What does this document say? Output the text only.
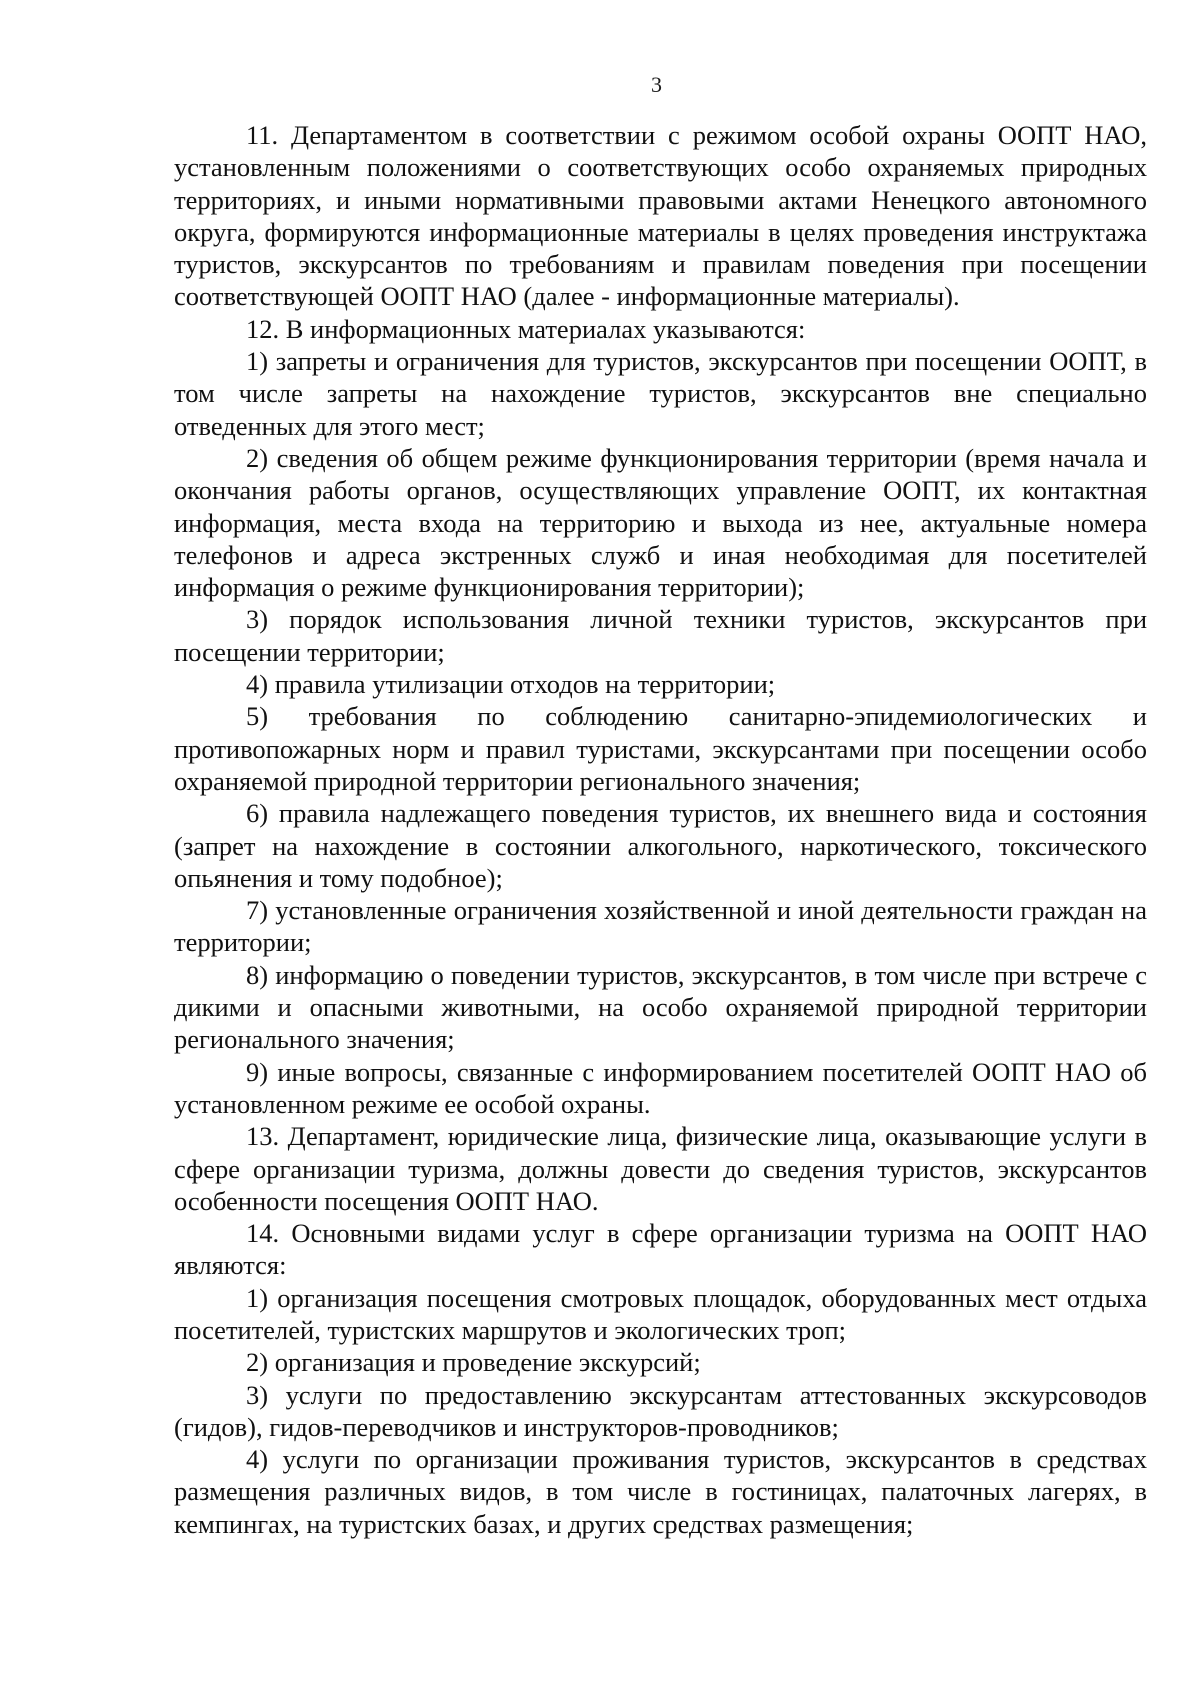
3

11. Департаментом в соответствии с режимом особой охраны ООПТ НАО, установленным положениями о соответствующих особо охраняемых природных территориях, и иными нормативными правовыми актами Ненецкого автономного округа, формируются информационные материалы в целях проведения инструктажа туристов, экскурсантов по требованиям и правилам поведения при посещении соответствующей ООПТ НАО (далее - информационные материалы).

12. В информационных материалах указываются:

1) запреты и ограничения для туристов, экскурсантов при посещении ООПТ, в том числе запреты на нахождение туристов, экскурсантов вне специально отведенных для этого мест;

2) сведения об общем режиме функционирования территории (время начала и окончания работы органов, осуществляющих управление ООПТ, их контактная информация, места входа на территорию и выхода из нее, актуальные номера телефонов и адреса экстренных служб и иная необходимая для посетителей информация о режиме функционирования территории);

3) порядок использования личной техники туристов, экскурсантов при посещении территории;

4) правила утилизации отходов на территории;

5) требования по соблюдению санитарно-эпидемиологических и противопожарных норм и правил туристами, экскурсантами при посещении особо охраняемой природной территории регионального значения;

6) правила надлежащего поведения туристов, их внешнего вида и состояния (запрет на нахождение в состоянии алкогольного, наркотического, токсического опьянения и тому подобное);

7) установленные ограничения хозяйственной и иной деятельности граждан на территории;

8) информацию о поведении туристов, экскурсантов, в том числе при встрече с дикими и опасными животными, на особо охраняемой природной территории регионального значения;

9) иные вопросы, связанные с информированием посетителей ООПТ НАО об установленном режиме ее особой охраны.

13. Департамент, юридические лица, физические лица, оказывающие услуги в сфере организации туризма, должны довести до сведения туристов, экскурсантов особенности посещения ООПТ НАО.

14. Основными видами услуг в сфере организации туризма на ООПТ НАО являются:

1) организация посещения смотровых площадок, оборудованных мест отдыха посетителей, туристских маршрутов и экологических троп;

2) организация и проведение экскурсий;

3) услуги по предоставлению экскурсантам аттестованных экскурсоводов (гидов), гидов-переводчиков и инструкторов-проводников;

4) услуги по организации проживания туристов, экскурсантов в средствах размещения различных видов, в том числе в гостиницах, палаточных лагерях, в кемпингах, на туристских базах, и других средствах размещения;
